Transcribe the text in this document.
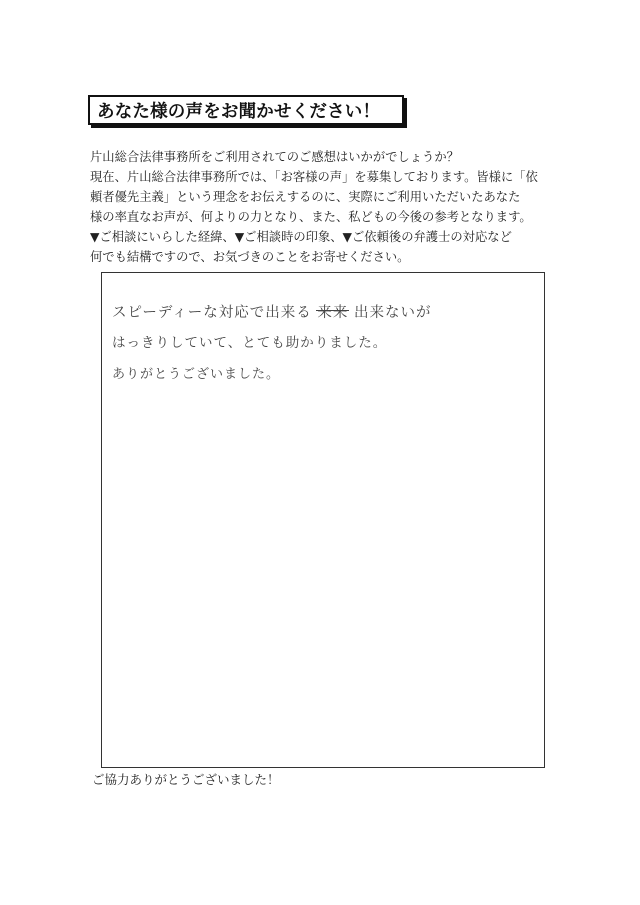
あなた様の声をお聞かせください！

片山総合法律事務所をご利用されてのご感想はいかがでしょうか？

現在、片山総合法律事務所では、「お客様の声」を募集しております。皆様に「依

頼者優先主義」という理念をお伝えするのに、実際にご利用いただいたあなた

様の率直なお声が、何よりの力となり、また、私どもの今後の参考となります。

▼ご相談にいらした経緯、▼ご相談時の印象、▼ご依頼後の弁護士の対応など

何でも結構ですので、お気づきのことをお寄せください。

スピーディーな対応で出来る 来来 出来ないが
はっきりしていて、とても助かりました。
ありがとうございました。
ご協力ありがとうございました！
